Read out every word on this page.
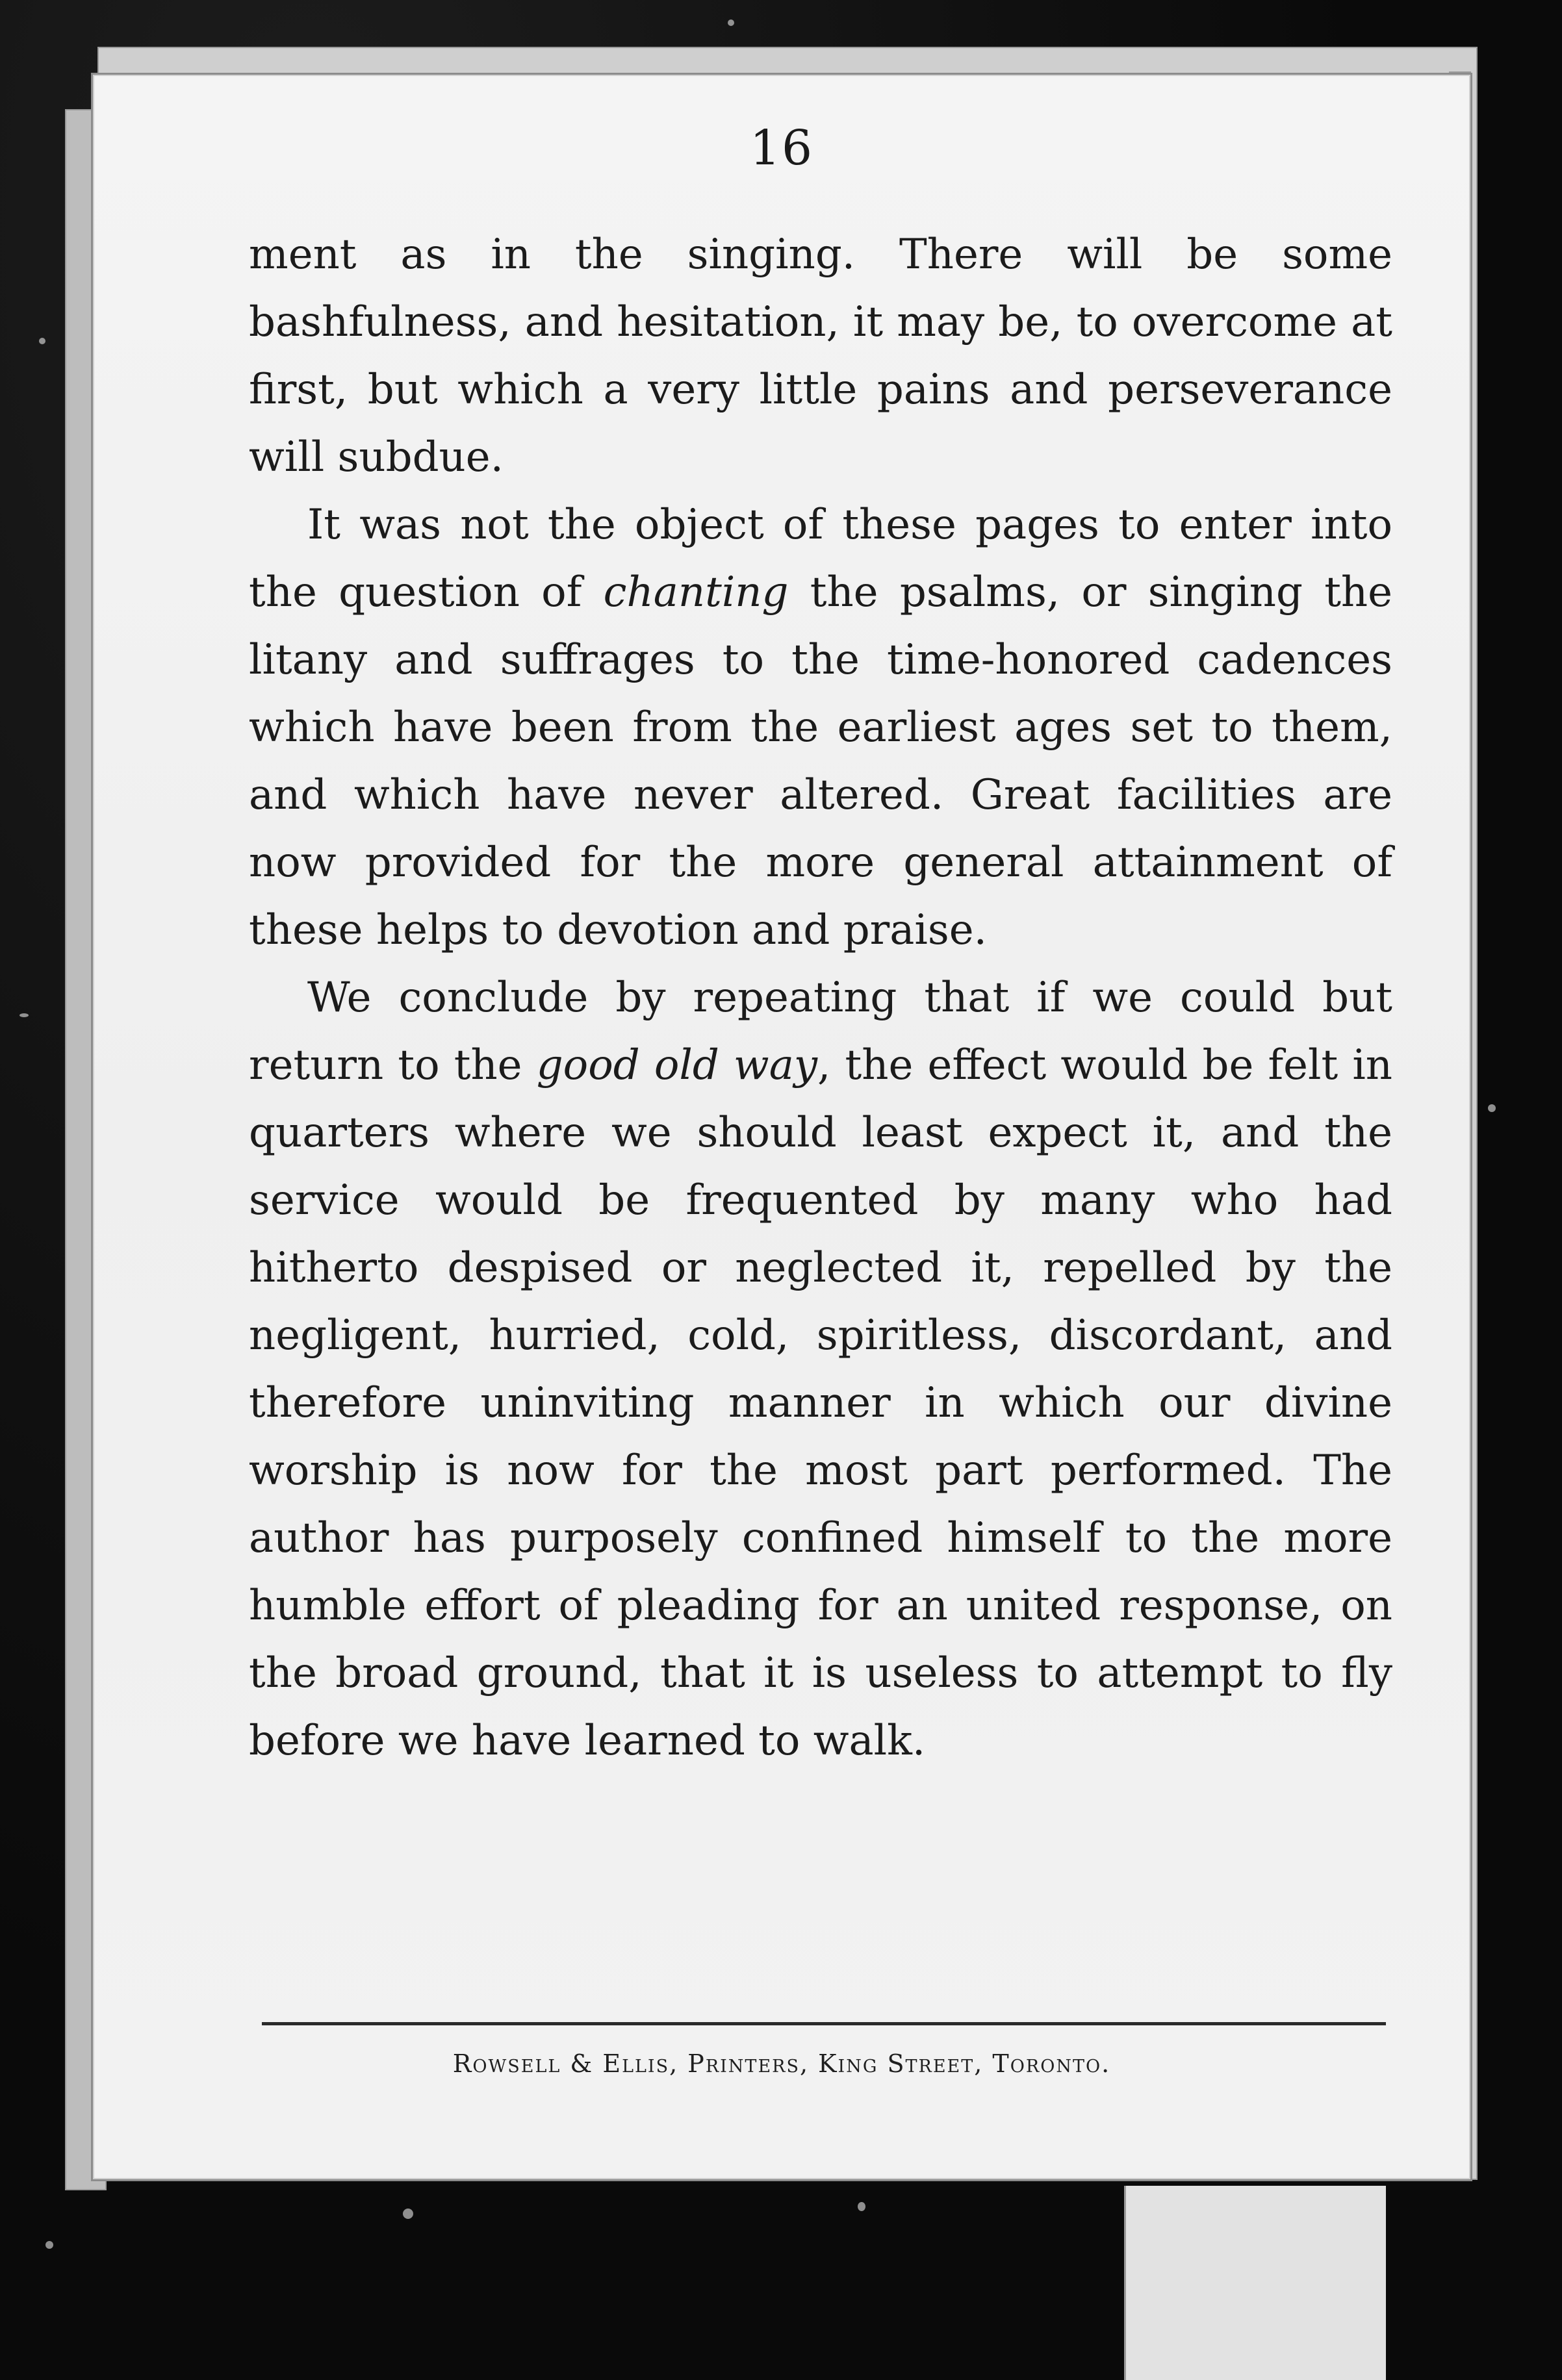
16

ment as in the singing. There will be some bashfulness, and hesitation, it may be, to overcome at first, but which a very little pains and perseverance will subdue.

It was not the object of these pages to enter into the question of chanting the psalms, or singing the litany and suffrages to the time-honored cadences which have been from the earliest ages set to them, and which have never altered. Great facilities are now provided for the more general attainment of these helps to devotion and praise.

We conclude by repeating that if we could but return to the good old way, the effect would be felt in quarters where we should least expect it, and the service would be frequented by many who had hitherto despised or neglected it, repelled by the negligent, hurried, cold, spiritless, discordant, and therefore uninviting manner in which our divine worship is now for the most part performed. The author has purposely confined himself to the more humble effort of pleading for an united response, on the broad ground, that it is useless to attempt to fly before we have learned to walk.

Rowsell & Ellis, Printers, King Street, Toronto.
